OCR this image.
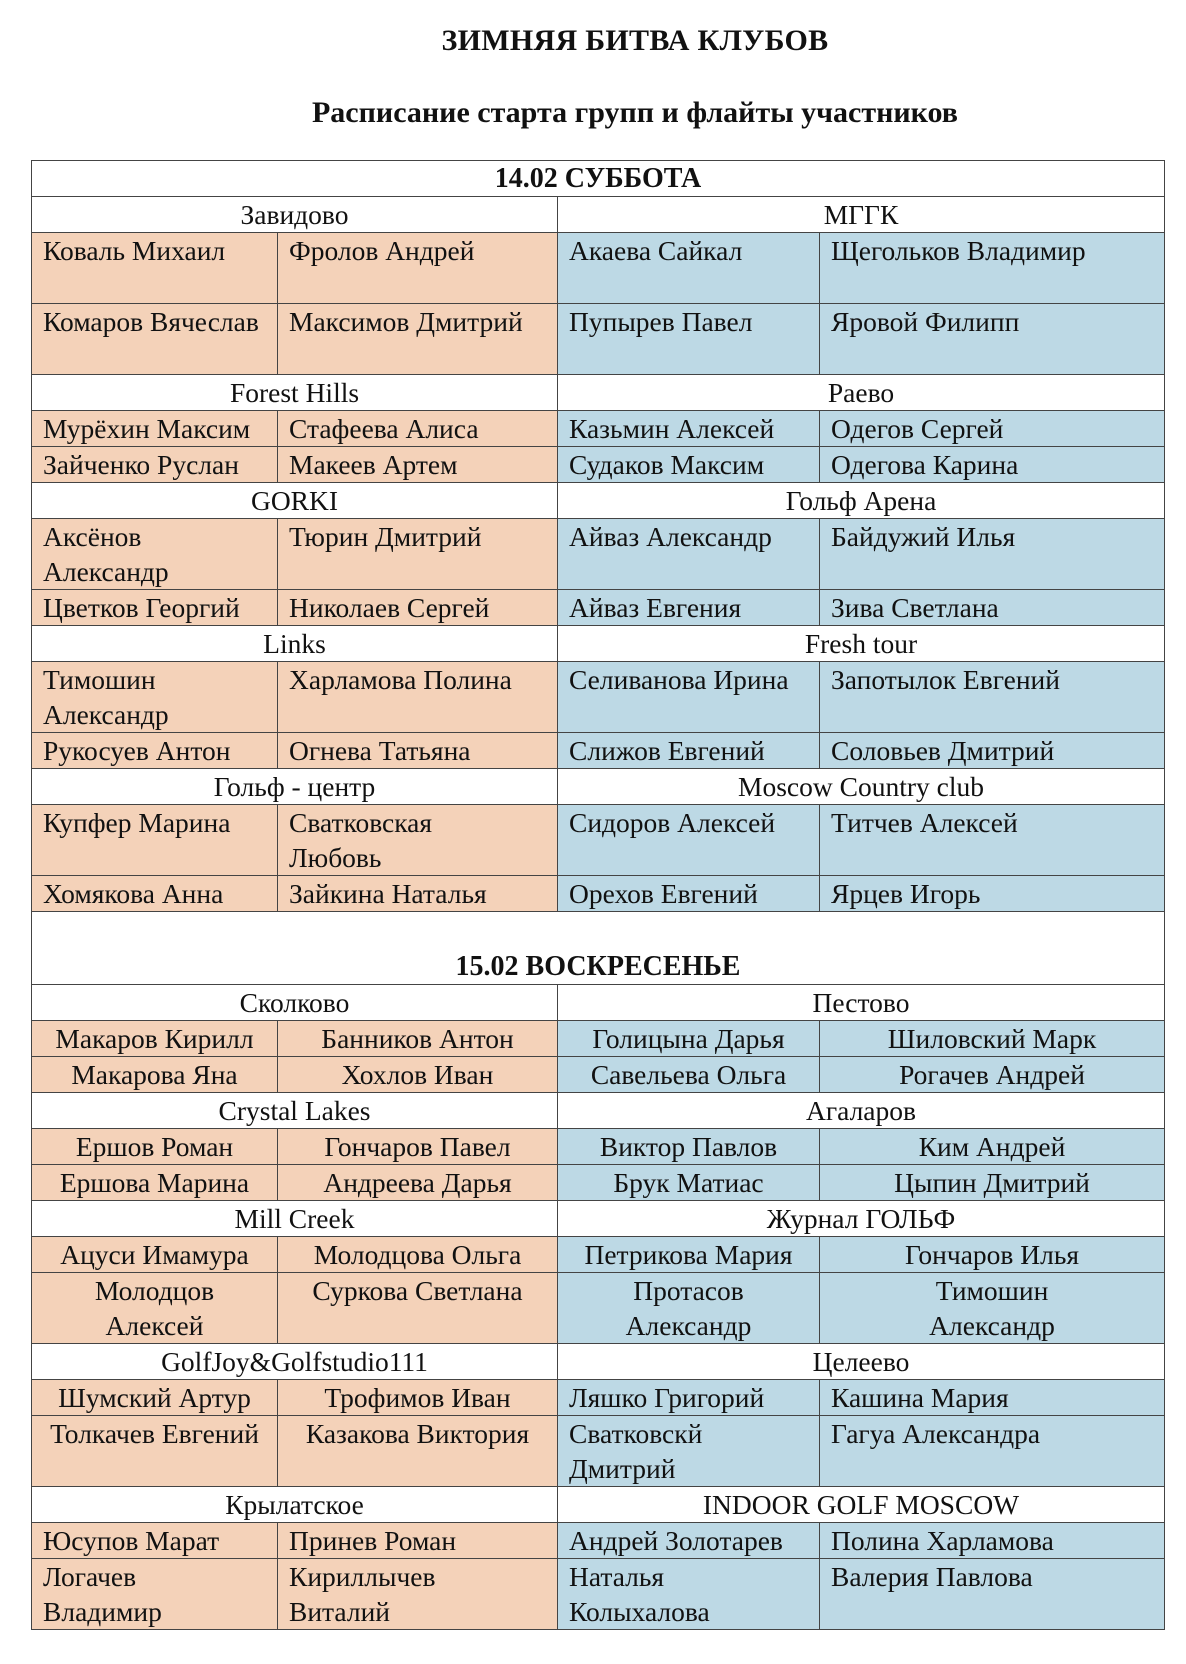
ЗИМНЯЯ БИТВА КЛУБОВ
Расписание старта групп и флайты участников
14.02 СУББОТА			
Завидово		МГГК	
Коваль Михаил	Фролов Андрей	Акаева Сайкал	Щегольков Владимир
Комаров Вячеслав	Максимов Дмитрий	Пупырев Павел	Яровой Филипп
Forest Hills		Раево	
Мурёхин Максим	Стафеева Алиса	Казьмин Алексей	Одегов Сергей
Зайченко Руслан	Макеев Артем	Судаков Максим	Одегова Карина
GORKI		Гольф Арена	
Аксёнов Александр	Тюрин Дмитрий	Айваз Александр	Байдужий Илья
Цветков Георгий	Николаев Сергей	Айваз Евгения	Зива Светлана
Links		Fresh tour	
Тимошин Александр	Харламова Полина	Селиванова Ирина	Запотылок Евгений
Рукосуев Антон	Огнева Татьяна	Слижов Евгений	Соловьев Дмитрий
Гольф - центр		Moscow Country club	
Купфер Марина	Сватковская Любовь	Сидоров Алексей	Титчев Алексей
Хомякова Анна	Зайкина Наталья	Орехов Евгений	Ярцев Игорь
15.02 ВОСКРЕСЕНЬЕ			
Сколково		Пестово	
Макаров Кирилл	Банников Антон	Голицына Дарья	Шиловский Марк
Макарова Яна	Хохлов Иван	Савельева Ольга	Рогачев Андрей
Crystal Lakes		Агаларов	
Ершов Роман	Гончаров Павел	Виктор Павлов	Ким Андрей
Ершова Марина	Андреева Дарья	Брук Матиас	Цыпин Дмитрий
Mill Creek		Журнал ГОЛЬФ	
Ацуси Имамура	Молодцова Ольга	Петрикова Мария	Гончаров Илья
Молодцов Алексей	Суркова Светлана	Протасов Александр	Тимошин Александр
GolfJoy&Golfstudio111		Целеево	
Шумский Артур	Трофимов Иван	Ляшко Григорий	Кашина Мария
Толкачев Евгений	Казакова Виктория	Сватковскй Дмитрий	Гагуа Александра
Крылатское		INDOOR GOLF MOSCOW	
Юсупов Марат	Принев Роман	Андрей Золотарев	Полина Харламова
Логачев Владимир	Кириллычев Виталий	Наталья Колыхалова	Валерия Павлова
